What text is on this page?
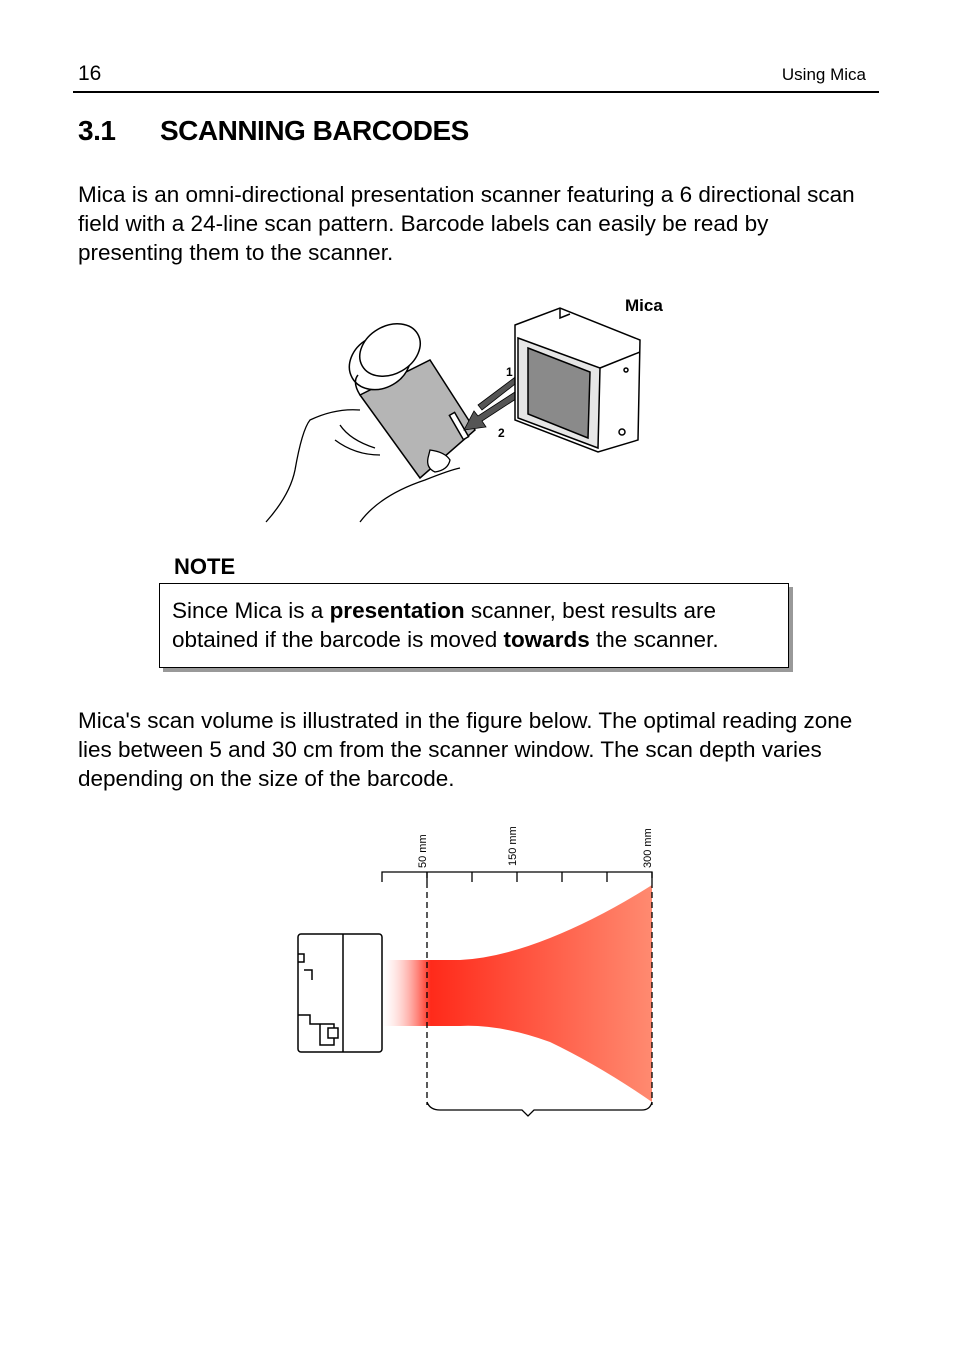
16	Using Mica
3.1 SCANNING BARCODES
Mica is an omni-directional presentation scanner featuring a 6 directional scan field with a 24-line scan pattern. Barcode labels can easily be read by presenting them to the scanner.
1
2
Mica
NOTE
Since Mica is a presentation scanner, best results are obtained if the barcode is moved towards the scanner.
Mica's scan volume is illustrated in the figure below. The optimal reading zone lies between 5 and 30 cm from the scanner window. The scan depth varies depending on the size of the barcode.
50 mm	150 mm	300 mm
